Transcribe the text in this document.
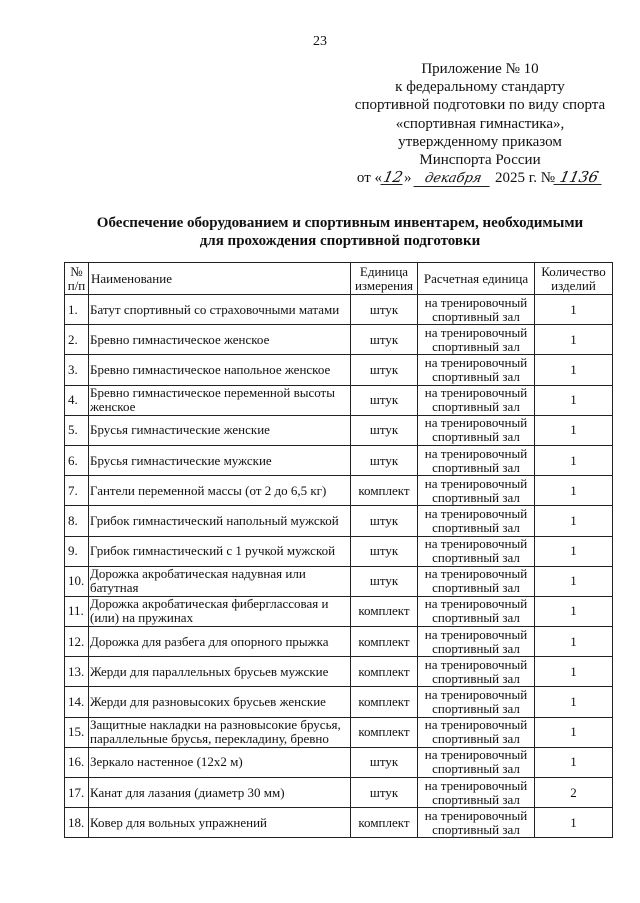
23
Приложение № 10
к федеральному стандарту
спортивной подготовки по виду спорта
«спортивная гимнастика»,
утвержденному приказом
Минспорта России
от «12» декабря 2025 г. № 1136
Обеспечение оборудованием и спортивным инвентарем, необходимыми
для прохождения спортивной подготовки
№ п/п	Наименование	Единица измерения	Расчетная единица	Количество изделий
1.	Батут спортивный со страховочными матами	штук	на тренировочный спортивный зал	1
2.	Бревно гимнастическое женское	штук	на тренировочный спортивный зал	1
3.	Бревно гимнастическое напольное женское	штук	на тренировочный спортивный зал	1
4.	Бревно гимнастическое переменной высоты женское	штук	на тренировочный спортивный зал	1
5.	Брусья гимнастические женские	штук	на тренировочный спортивный зал	1
6.	Брусья гимнастические мужские	штук	на тренировочный спортивный зал	1
7.	Гантели переменной массы (от 2 до 6,5 кг)	комплект	на тренировочный спортивный зал	1
8.	Грибок гимнастический напольный мужской	штук	на тренировочный спортивный зал	1
9.	Грибок гимнастический с 1 ручкой мужской	штук	на тренировочный спортивный зал	1
10.	Дорожка акробатическая надувная или батутная	штук	на тренировочный спортивный зал	1
11.	Дорожка акробатическая фибергласcовая и (или) на пружинах	комплект	на тренировочный спортивный зал	1
12.	Дорожка для разбега для опорного прыжка	комплект	на тренировочный спортивный зал	1
13.	Жерди для параллельных брусьев мужские	комплект	на тренировочный спортивный зал	1
14.	Жерди для разновысоких брусьев женские	комплект	на тренировочный спортивный зал	1
15.	Защитные накладки на разновысокие брусья, параллельные брусья, перекладину, бревно	комплект	на тренировочный спортивный зал	1
16.	Зеркало настенное (12x2 м)	штук	на тренировочный спортивный зал	1
17.	Канат для лазания (диаметр 30 мм)	штук	на тренировочный спортивный зал	2
18.	Ковер для вольных упражнений	комплект	на тренировочный спортивный зал	1
